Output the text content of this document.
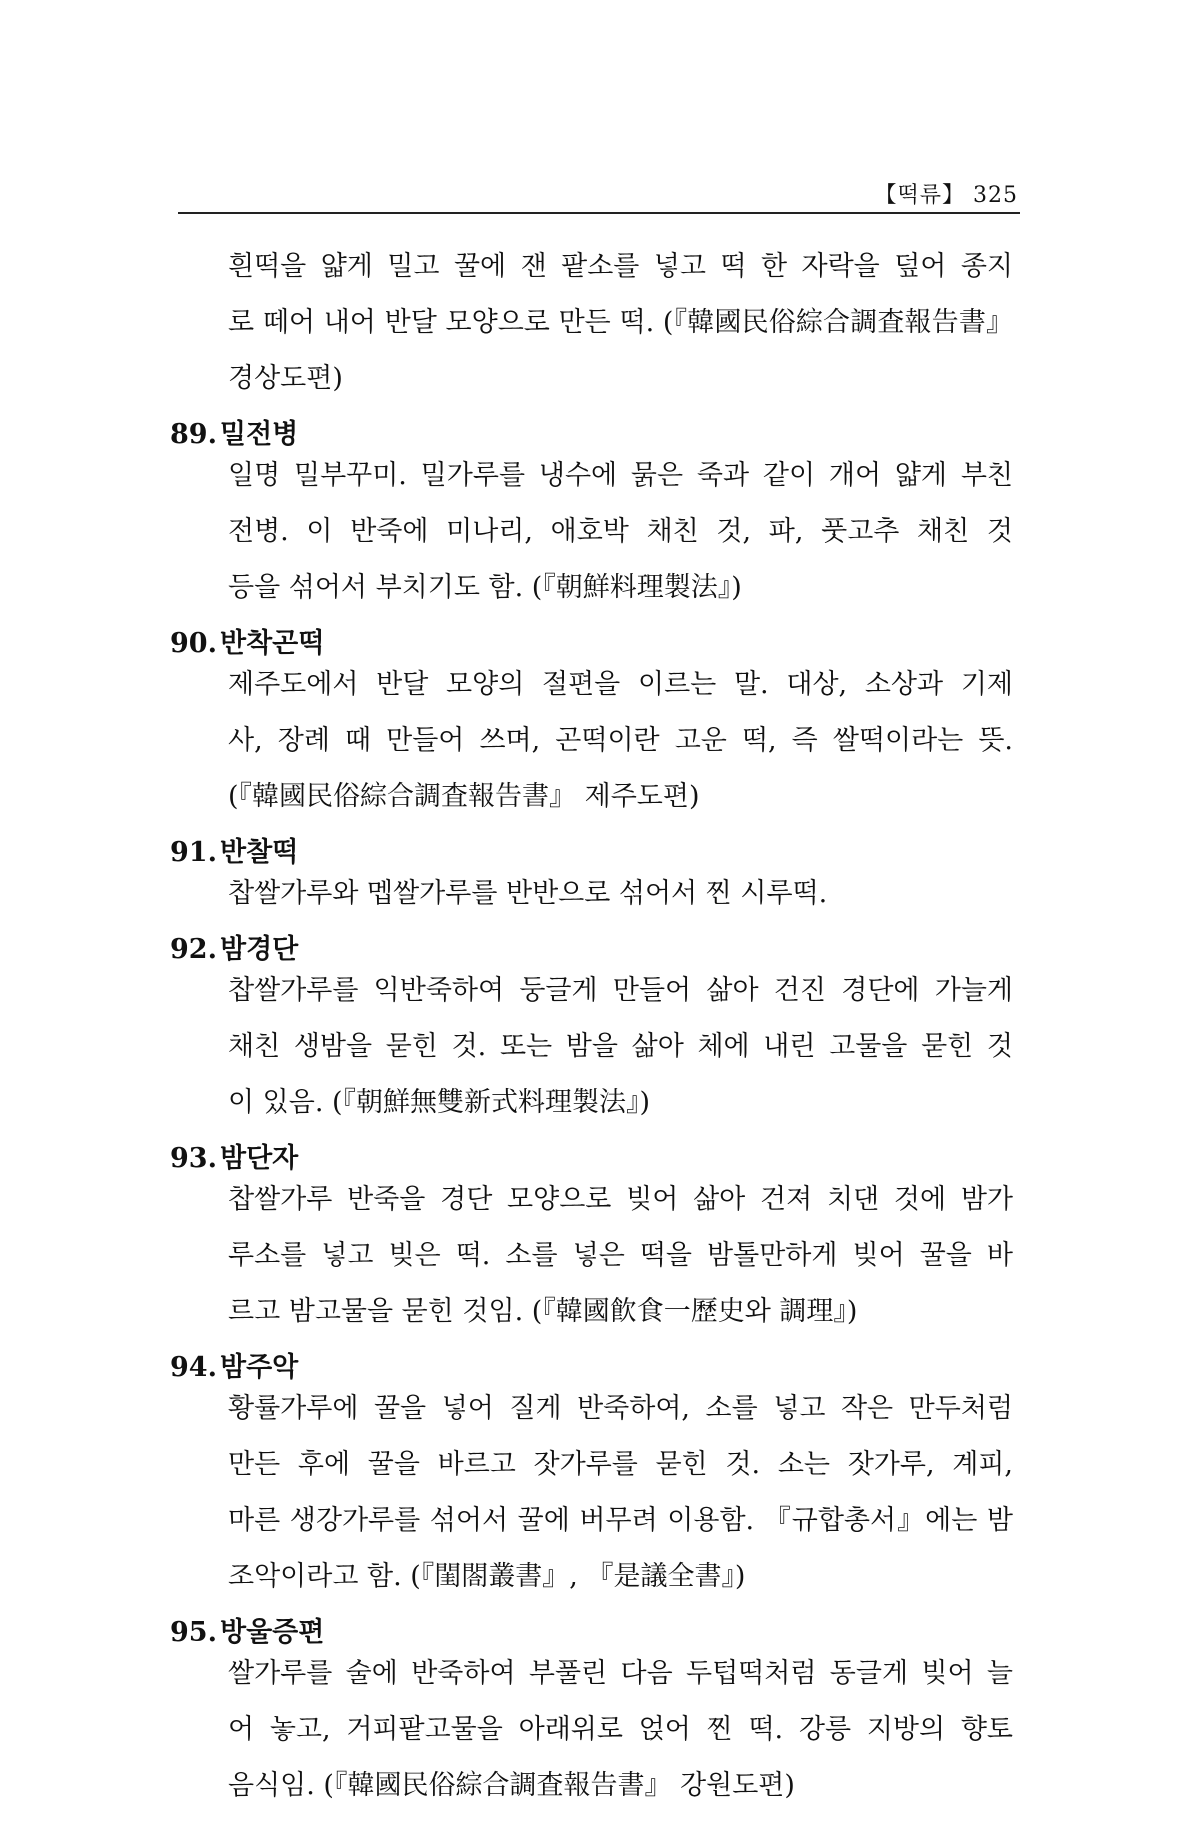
【떡류】 325
흰떡을 얇게 밀고 꿀에 잰 팥소를 넣고 떡 한 자락을 덮어 종지
로 떼어 내어 반달 모양으로 만든 떡. (『韓國民俗綜合調査報告書』
경상도편)
89. 밀전병
일명 밀부꾸미. 밀가루를 냉수에 묽은 죽과 같이 개어 얇게 부친
전병. 이 반죽에 미나리, 애호박 채친 것, 파, 풋고추 채친 것
등을 섞어서 부치기도 함. (『朝鮮料理製法』)
90. 반착곤떡
제주도에서 반달 모양의 절편을 이르는 말. 대상, 소상과 기제
사, 장례 때 만들어 쓰며, 곤떡이란 고운 떡, 즉 쌀떡이라는 뜻.
(『韓國民俗綜合調査報告書』 제주도편)
91. 반찰떡
찹쌀가루와 멥쌀가루를 반반으로 섞어서 찐 시루떡.
92. 밤경단
찹쌀가루를 익반죽하여 둥글게 만들어 삶아 건진 경단에 가늘게
채친 생밤을 묻힌 것. 또는 밤을 삶아 체에 내린 고물을 묻힌 것
이 있음. (『朝鮮無雙新式料理製法』)
93. 밤단자
찹쌀가루 반죽을 경단 모양으로 빚어 삶아 건져 치댄 것에 밤가
루소를 넣고 빚은 떡. 소를 넣은 떡을 밤톨만하게 빚어 꿀을 바
르고 밤고물을 묻힌 것임. (『韓國飮食一歷史와 調理』)
94. 밤주악
황률가루에 꿀을 넣어 질게 반죽하여, 소를 넣고 작은 만두처럼
만든 후에 꿀을 바르고 잣가루를 묻힌 것. 소는 잣가루, 계피,
마른 생강가루를 섞어서 꿀에 버무려 이용함. 『규합총서』에는 밤
조악이라고 함. (『閨閤叢書』, 『是議全書』)
95. 방울증편
쌀가루를 술에 반죽하여 부풀린 다음 두텁떡처럼 동글게 빚어 늘
어 놓고, 거피팥고물을 아래위로 얹어 찐 떡. 강릉 지방의 향토
음식임. (『韓國民俗綜合調査報告書』 강원도편)
